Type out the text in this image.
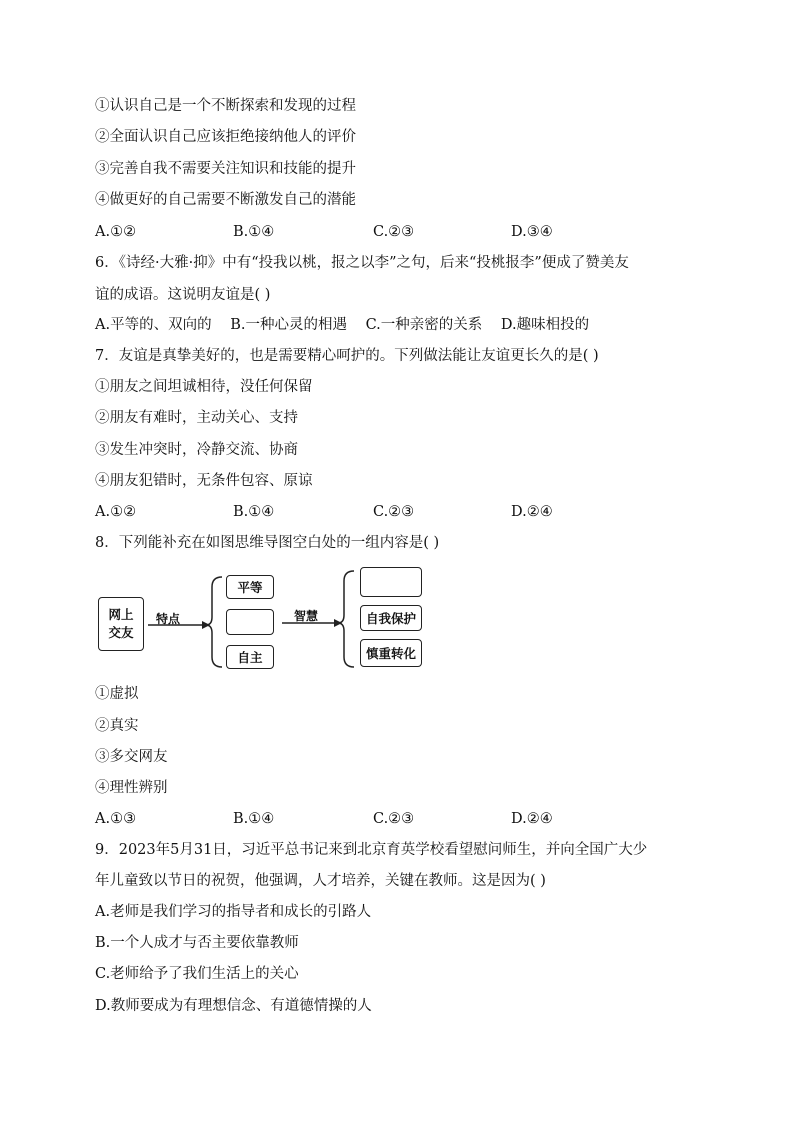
①认识自己是一个不断探索和发现的过程
②全面认识自己应该拒绝接纳他人的评价
③完善自我不需要关注知识和技能的提升
④做更好的自己需要不断激发自己的潜能
A.①②	B.①④	C.②③	D.③④
6．《诗经·大雅·抑》中有“投我以桃，报之以李”之句，后来“投桃报李”便成了赞美友
谊的成语。这说明友谊是( )
A.平等的、双向的 B.一种心灵的相遇 C.一种亲密的关系 D.趣味相投的
7．友谊是真挚美好的，也是需要精心呵护的。下列做法能让友谊更长久的是( )
①朋友之间坦诚相待，没任何保留
②朋友有难时，主动关心、支持
③发生冲突时，冷静交流、协商
④朋友犯错时，无条件包容、原谅
A.①②	B.①④	C.②③	D.②④
8．下列能补充在如图思维导图空白处的一组内容是( )
网上
交友
特点
平等
自主
智慧	自我保护
慎重转化
①虚拟
②真实
③多交网友
④理性辨别
A.①③	B.①④	C.②③	D.②④
9．2023年5月31日，习近平总书记来到北京育英学校看望慰问师生，并向全国广大少
年儿童致以节日的祝贺，他强调，人才培养，关键在教师。这是因为( )
A.老师是我们学习的指导者和成长的引路人
B.一个人成才与否主要依靠教师
C.老师给予了我们生活上的关心
D.教师要成为有理想信念、有道德情操的人
